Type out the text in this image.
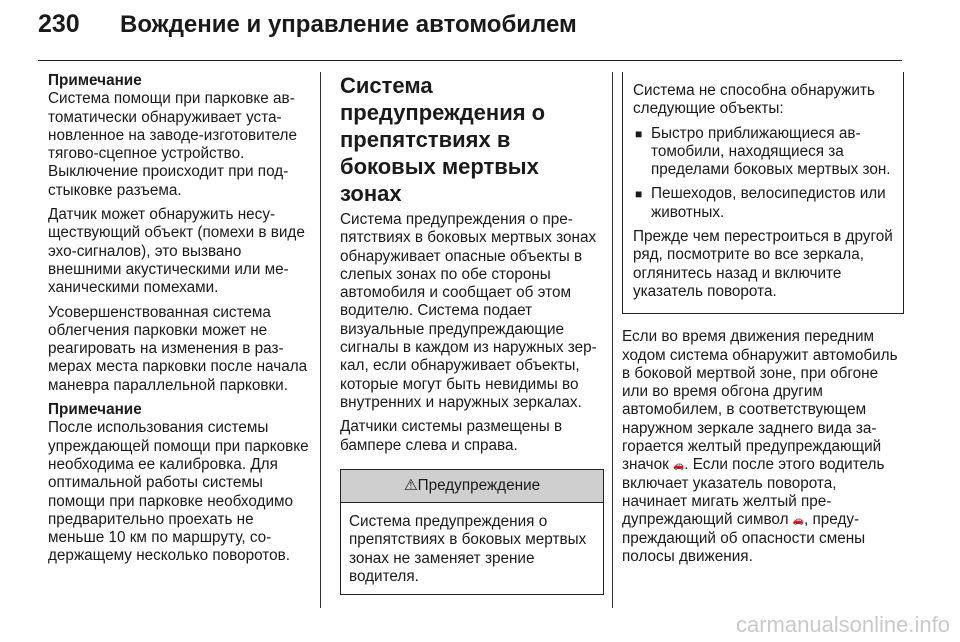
230	Вождение и управление автомобилем
Примечание

Система помощи при парковке автоматически обнаруживает установленное на заводе-изготовителе тягово-сцепное устройство. Выключение происходит при подстыковке разъема.

Датчик может обнаружить несуществующий объект (помехи в виде эхо-сигналов), это вызвано внешними акустическими или механическими помехами.

Усовершенствованная система облегчения парковки может не реагировать на изменения в размерах места парковки после начала маневра параллельной парковки.

Примечание

После использования системы упреждающей помощи при парковке необходима ее калибровка. Для оптимальной работы системы помощи при парковке необходимо предварительно проехать не меньше 10 км по маршруту, содержащему несколько поворотов.

Система предупреждения о препятствиях в боковых мертвых зонах

Система предупреждения о препятствиях в боковых мертвых зонах обнаруживает опасные объекты в слепых зонах по обе стороны автомобиля и сообщает об этом водителю. Система подает визуальные предупреждающие сигналы в каждом из наружных зеркал, если обнаруживает объекты, которые могут быть невидимы во внутренних и наружных зеркалах.

Датчики системы размещены в бампере слева и справа.

⚠Предупреждение
Система предупреждения о препятствиях в боковых мертвых зонах не заменяет зрение водителя.

Система не способна обнаружить следующие объекты:

■ Быстро приближающиеся автомобили, находящиеся за пределами боковых мертвых зон.
■ Пешеходов, велосипедистов или животных.

Прежде чем перестроиться в другой ряд, посмотрите во все зеркала, оглянитесь назад и включите указатель поворота.

Если во время движения передним ходом система обнаружит автомобиль в боковой мертвой зоне, при обгоне или во время обгона другим автомобилем, в соответствующем наружном зеркале заднего вида загорается желтый предупреждающий значок 🚗. Если после этого водитель включает указатель поворота, начинает мигать желтый предупреждающий символ 🚗, предупреждающий об опасности смены полосы движения.

carmanualsonline.info
